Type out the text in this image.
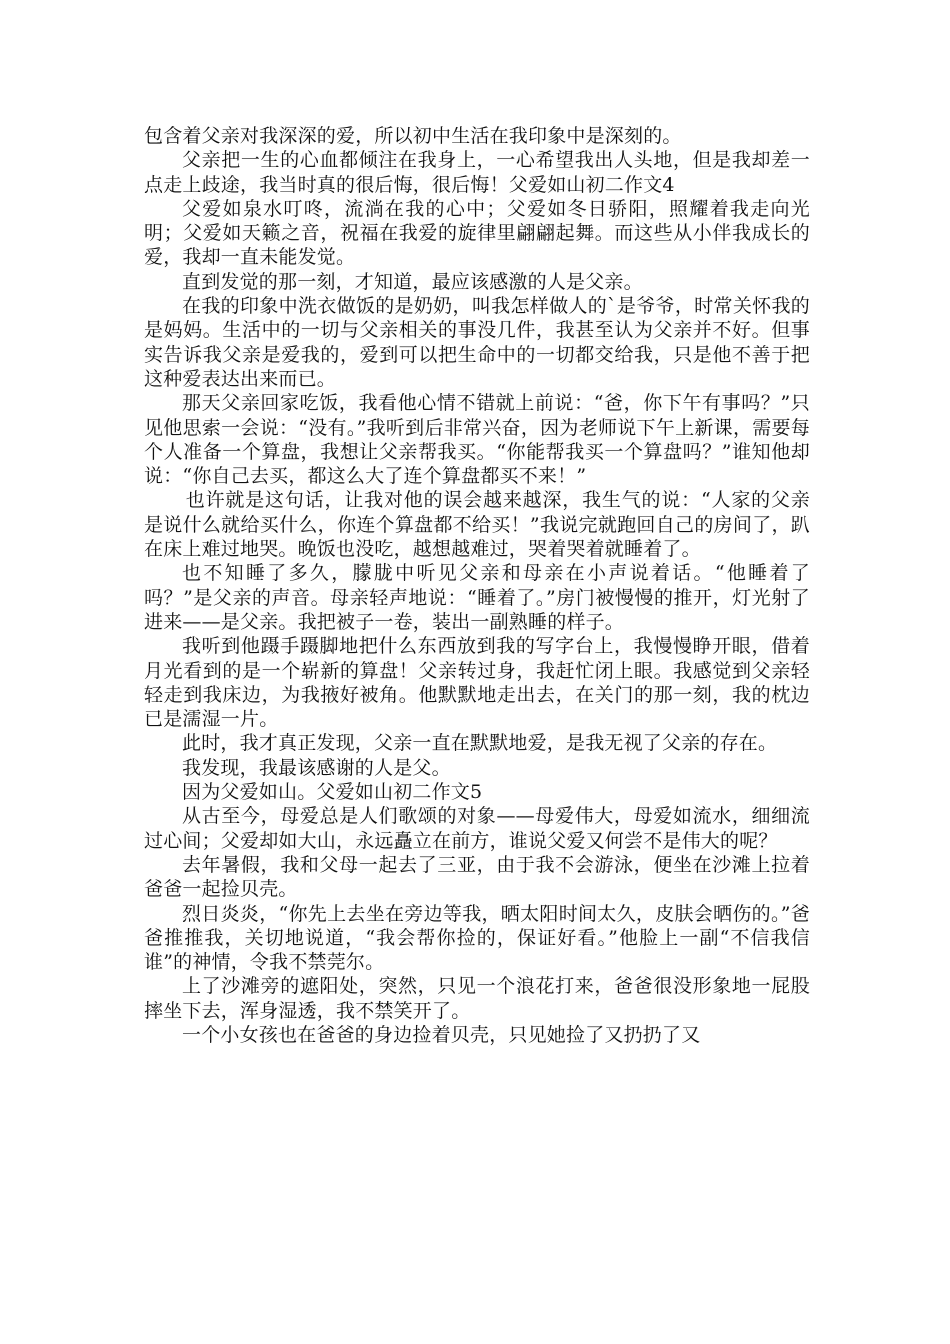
包含着父亲对我深深的爱，所以初中生活在我印象中是深刻的。

父亲把一生的心血都倾注在我身上，一心希望我出人头地，但是我却差一点走上歧途，我当时真的很后悔，很后悔！父爱如山初二作文4

父爱如泉水叮咚，流淌在我的心中；父爱如冬日骄阳，照耀着我走向光明；父爱如天籁之音，祝福在我爱的旋律里翩翩起舞。而这些从小伴我成长的爱，我却一直未能发觉。

直到发觉的那一刻，才知道，最应该感激的人是父亲。

在我的印象中洗衣做饭的是奶奶，叫我怎样做人的`是爷爷，时常关怀我的是妈妈。生活中的一切与父亲相关的事没几件，我甚至认为父亲并不好。但事实告诉我父亲是爱我的，爱到可以把生命中的一切都交给我，只是他不善于把这种爱表达出来而已。

那天父亲回家吃饭，我看他心情不错就上前说：“爸，你下午有事吗？”只见他思索一会说：“没有。”我听到后非常兴奋，因为老师说下午上新课，需要每个人准备一个算盘，我想让父亲帮我买。“你能帮我买一个算盘吗？”谁知他却说：“你自己去买，都这么大了连个算盘都买不来！”

也许就是这句话，让我对他的误会越来越深，我生气的说：“人家的父亲是说什么就给买什么，你连个算盘都不给买！”我说完就跑回自己的房间了，趴在床上难过地哭。晚饭也没吃，越想越难过，哭着哭着就睡着了。

也不知睡了多久，朦胧中听见父亲和母亲在小声说着话。“他睡着了吗？”是父亲的声音。母亲轻声地说：“睡着了。”房门被慢慢的推开，灯光射了进来——是父亲。我把被子一卷，装出一副熟睡的样子。

我听到他蹑手蹑脚地把什么东西放到我的写字台上，我慢慢睁开眼，借着月光看到的是一个崭新的算盘！父亲转过身，我赶忙闭上眼。我感觉到父亲轻轻走到我床边，为我掖好被角。他默默地走出去，在关门的那一刻，我的枕边已是濡湿一片。

此时，我才真正发现，父亲一直在默默地爱，是我无视了父亲的存在。

我发现，我最该感谢的人是父。

因为父爱如山。父爱如山初二作文5

从古至今，母爱总是人们歌颂的对象——母爱伟大，母爱如流水，细细流过心间；父爱却如大山，永远矗立在前方，谁说父爱又何尝不是伟大的呢？

去年暑假，我和父母一起去了三亚，由于我不会游泳，便坐在沙滩上拉着爸爸一起捡贝壳。

烈日炎炎，“你先上去坐在旁边等我，晒太阳时间太久，皮肤会晒伤的。”爸爸推推我，关切地说道，“我会帮你捡的，保证好看。”他脸上一副“不信我信谁”的神情，令我不禁莞尔。

上了沙滩旁的遮阳处，突然，只见一个浪花打来，爸爸很没形象地一屁股摔坐下去，浑身湿透，我不禁笑开了。

一个小女孩也在爸爸的身边捡着贝壳，只见她捡了又扔扔了又
